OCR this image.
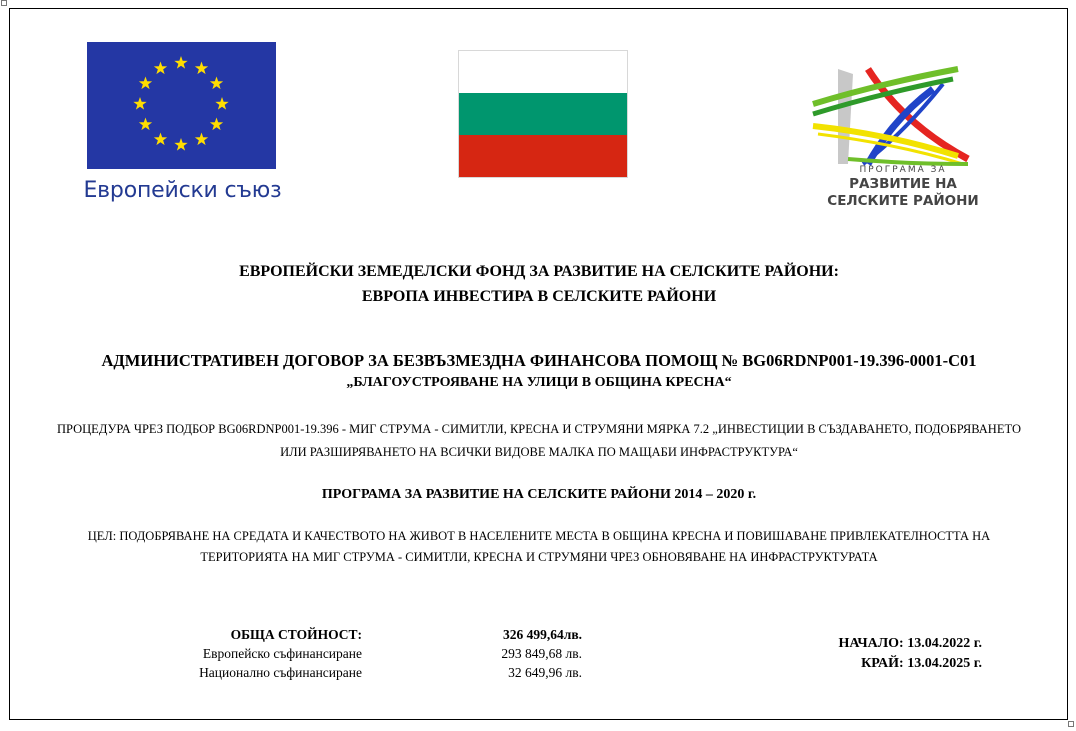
Европейски съюз
ПРОГРАМА ЗА
РАЗВИТИЕ НА
СЕЛСКИТЕ РАЙОНИ
ЕВРОПЕЙСКИ ЗЕМЕДЕЛСКИ ФОНД ЗА РАЗВИТИЕ НА СЕЛСКИТЕ РАЙОНИ:
ЕВРОПА ИНВЕСТИРА В СЕЛСКИТЕ РАЙОНИ
АДМИНИСТРАТИВЕН ДОГОВОР ЗА БЕЗВЪЗМЕЗДНА ФИНАНСОВА ПОМОЩ № BG06RDNP001-19.396-0001-C01
„БЛАГОУСТРОЯВАНЕ НА УЛИЦИ В ОБЩИНА КРЕСНА“
ПРОЦЕДУРА ЧРЕЗ ПОДБОР BG06RDNP001-19.396 - МИГ СТРУМА - СИМИТЛИ, КРЕСНА И СТРУМЯНИ МЯРКА 7.2 „ИНВЕСТИЦИИ В СЪЗДАВАНЕТО, ПОДОБРЯВАНЕТО
ИЛИ РАЗШИРЯВАНЕТО НА ВСИЧКИ ВИДОВЕ МАЛКА ПО МАЩАБИ ИНФРАСТРУКТУРА“
ПРОГРАМА ЗА РАЗВИТИЕ НА СЕЛСКИТЕ РАЙОНИ 2014 – 2020 г.
ЦЕЛ: ПОДОБРЯВАНЕ НА СРЕДАТА И КАЧЕСТВОТО НА ЖИВОТ В НАСЕЛЕНИТЕ МЕСТА В ОБЩИНА КРЕСНА И ПОВИШАВАНЕ ПРИВЛЕКАТЕЛНОСТТА НА
ТЕРИТОРИЯТА НА МИГ СТРУМА - СИМИТЛИ, КРЕСНА И СТРУМЯНИ ЧРЕЗ ОБНОВЯВАНЕ НА ИНФРАСТРУКТУРАТА
ОБЩА СТОЙНОСТ:	326 499,64лв.
Европейско съфинансиране	293 849,68 лв.
Национално съфинансиране	32 649,96 лв.
НАЧАЛО: 13.04.2022 г.
КРАЙ: 13.04.2025 г.
